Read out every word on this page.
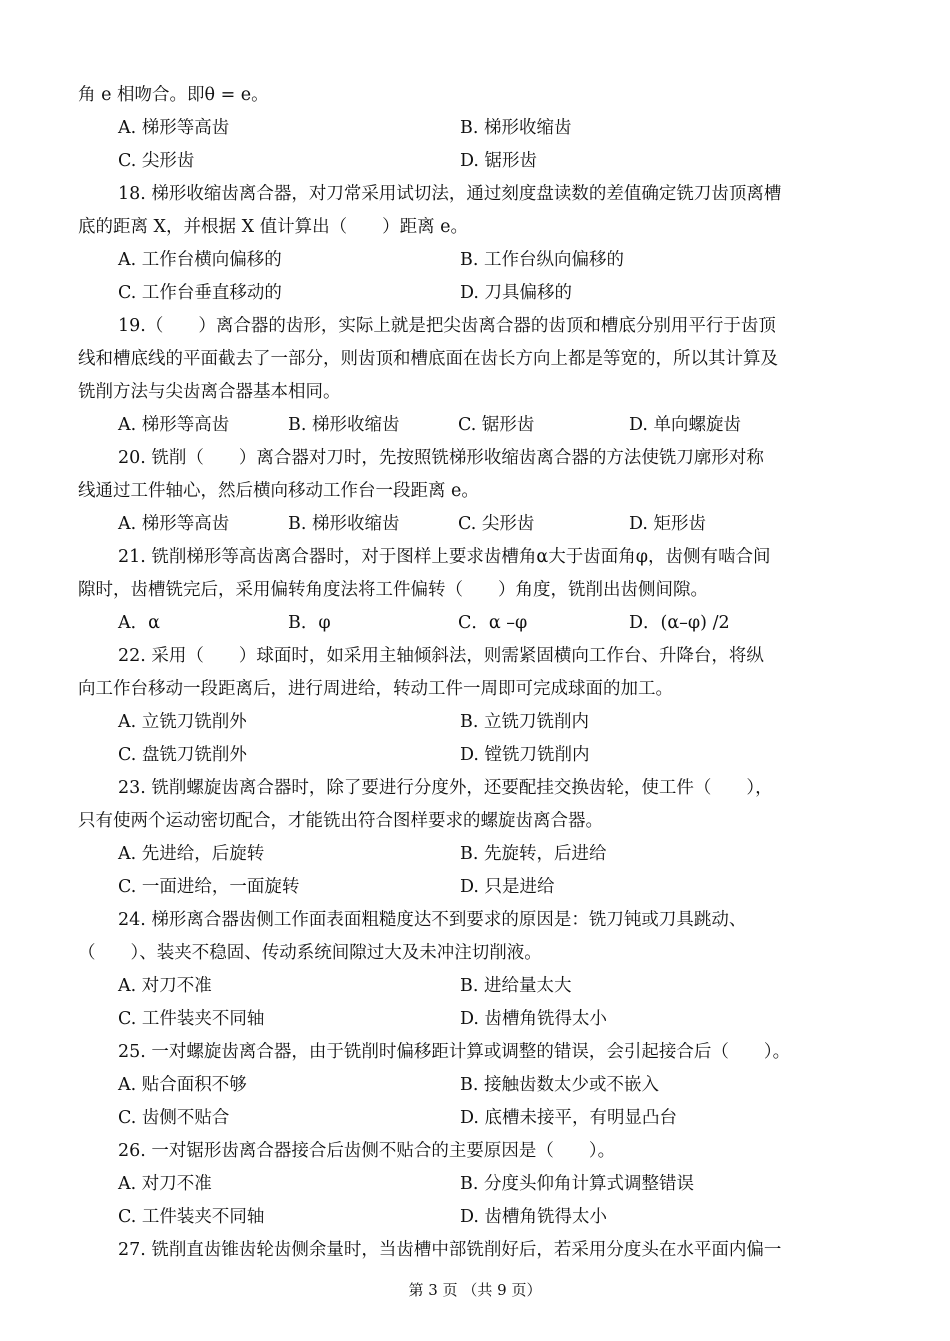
角 e 相吻合。即θ = e。
A. 梯形等高齿	B. 梯形收缩齿
C. 尖形齿	D. 锯形齿
18. 梯形收缩齿离合器，对刀常采用试切法，通过刻度盘读数的差值确定铣刀齿顶离槽
底的距离 X，并根据 X 值计算出（　　）距离 e。
A. 工作台横向偏移的	B. 工作台纵向偏移的
C. 工作台垂直移动的	D. 刀具偏移的
19.（　　）离合器的齿形，实际上就是把尖齿离合器的齿顶和槽底分别用平行于齿顶
线和槽底线的平面截去了一部分，则齿顶和槽底面在齿长方向上都是等宽的，所以其计算及
铣削方法与尖齿离合器基本相同。
A. 梯形等高齿	B. 梯形收缩齿	C. 锯形齿	D. 单向螺旋齿
20. 铣削（　　）离合器对刀时，先按照铣梯形收缩齿离合器的方法使铣刀廓形对称
线通过工件轴心，然后横向移动工作台一段距离 e。
A. 梯形等高齿	B. 梯形收缩齿	C. 尖形齿	D. 矩形齿
21. 铣削梯形等高齿离合器时，对于图样上要求齿槽角α大于齿面角φ，齿侧有啮合间
隙时，齿槽铣完后，采用偏转角度法将工件偏转（　　）角度，铣削出齿侧间隙。
A．α	B．φ	C．α –φ	D．(α–φ) /2
22. 采用（　　）球面时，如采用主轴倾斜法，则需紧固横向工作台、升降台，将纵
向工作台移动一段距离后，进行周进给，转动工件一周即可完成球面的加工。
A. 立铣刀铣削外	B. 立铣刀铣削内
C. 盘铣刀铣削外	D. 镗铣刀铣削内
23. 铣削螺旋齿离合器时，除了要进行分度外，还要配挂交换齿轮，使工件（　　），
只有使两个运动密切配合，才能铣出符合图样要求的螺旋齿离合器。
A. 先进给，后旋转	B. 先旋转，后进给
C. 一面进给，一面旋转	D. 只是进给
24. 梯形离合器齿侧工作面表面粗糙度达不到要求的原因是：铣刀钝或刀具跳动、
（　　）、装夹不稳固、传动系统间隙过大及未冲注切削液。
A. 对刀不准	B. 进给量太大
C. 工件装夹不同轴	D. 齿槽角铣得太小
25. 一对螺旋齿离合器，由于铣削时偏移距计算或调整的错误，会引起接合后（　　）。
A. 贴合面积不够	B. 接触齿数太少或不嵌入
C. 齿侧不贴合	D. 底槽未接平，有明显凸台
26. 一对锯形齿离合器接合后齿侧不贴合的主要原因是（　　）。
A. 对刀不准	B. 分度头仰角计算式调整错误
C. 工件装夹不同轴	D. 齿槽角铣得太小
27. 铣削直齿锥齿轮齿侧余量时，当齿槽中部铣削好后，若采用分度头在水平面内偏一
第 3 页 （共 9 页）
